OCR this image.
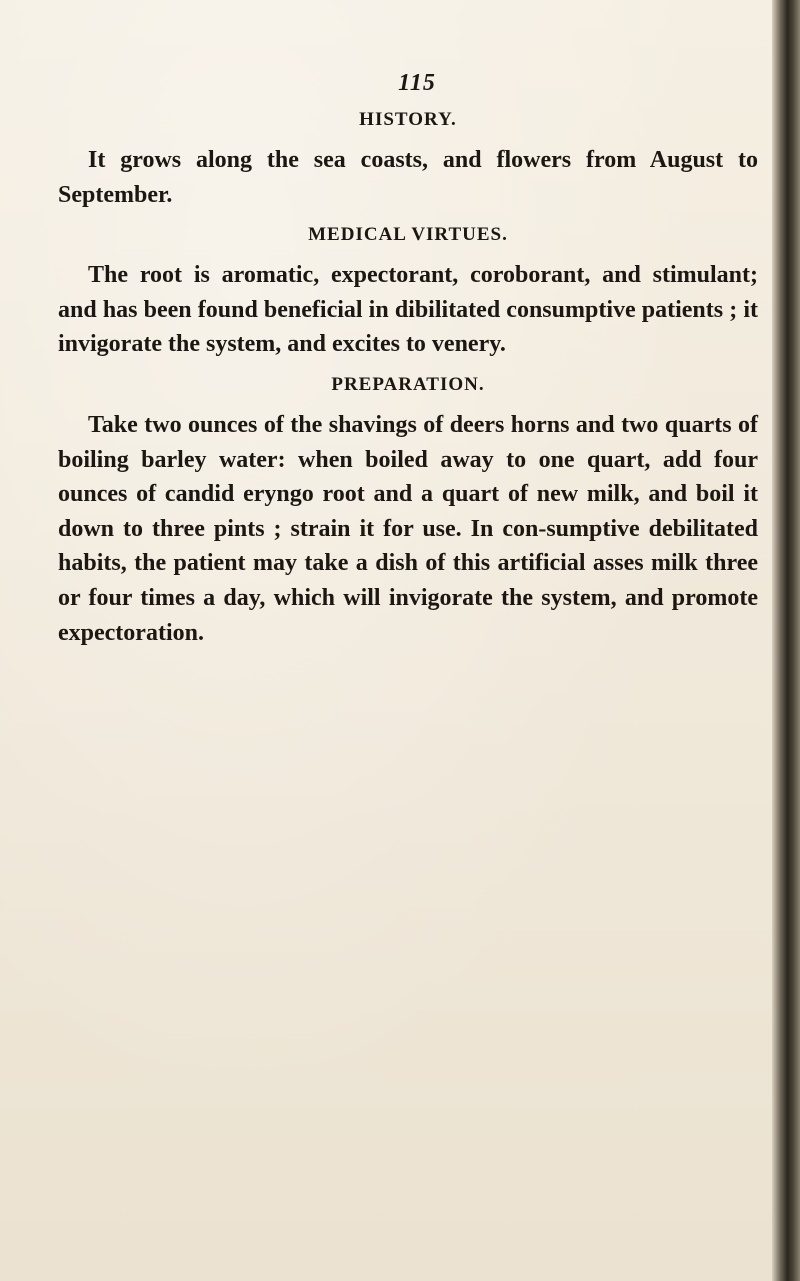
115
HISTORY.

It grows along the sea coasts, and flowers from August to September.

MEDICAL VIRTUES.

The root is aromatic, expectorant, coroborant, and stimulant; and has been found beneficial in dibilitated consumptive patients ; it invigorate the system, and excites to venery.

PREPARATION.

Take two ounces of the shavings of deers horns and two quarts of boiling barley water: when boiled away to one quart, add four ounces of candid eryngo root and a quart of new milk, and boil it down to three pints ; strain it for use. In con-sumptive debilitated habits, the patient may take a dish of this artificial asses milk three or four times a day, which will invigorate the system, and promote expectoration.
